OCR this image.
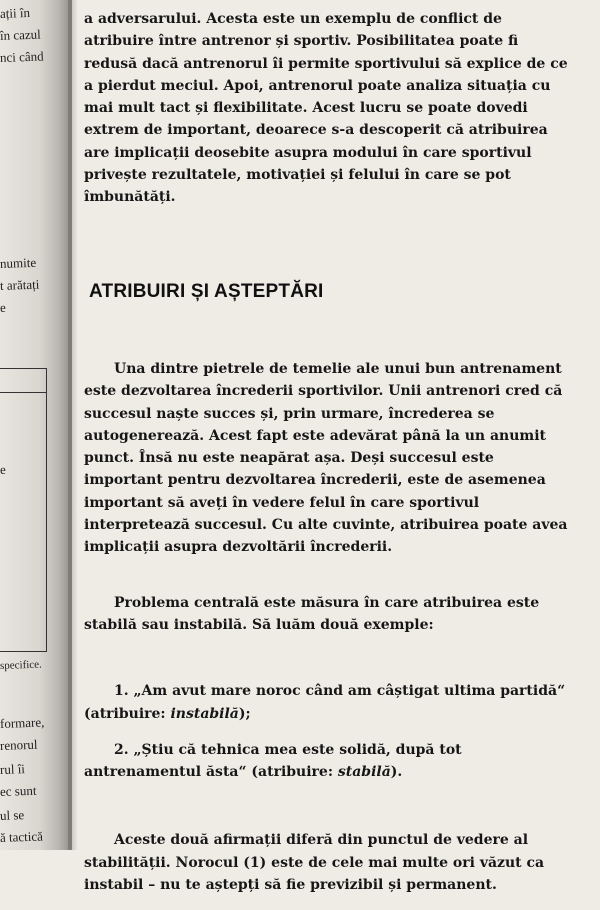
ații în
în cazul
nci când
numite
t arătați
e
e
specifice.
formare,
renorul
rul îi
ec sunt
ul se
ă tactică

a adversarului. Acesta este un exemplu de conflict de atribuire între antrenor și sportiv. Posibilitatea poate fi redusă dacă antrenorul îi permite sportivului să explice de ce a pierdut meciul. Apoi, antrenorul poate analiza situația cu mai mult tact și flexibilitate. Acest lucru se poate dovedi extrem de important, deoarece s-a descoperit că atribuirea are implicații deosebite asupra modului în care sportivul privește rezultatele, motivației și felului în care se pot îmbunătăți.

ATRIBUIRI ȘI AȘTEPTĂRI

Una dintre pietrele de temelie ale unui bun antrenament este dezvoltarea încrederii sportivilor. Unii antrenori cred că succesul naște succes și, prin urmare, încrederea se autogenerează. Acest fapt este adevărat până la un anumit punct. Însă nu este neapărat așa. Deși succesul este important pentru dezvoltarea încrederii, este de asemenea important să aveți în vedere felul în care sportivul interpretează succesul. Cu alte cuvinte, atribuirea poate avea implicații asupra dezvoltării încrederii.

Problema centrală este măsura în care atribuirea este stabilă sau instabilă. Să luăm două exemple:

1. „Am avut mare noroc când am câștigat ultima partidă“ (atribuire: instabilă);

2. „Știu că tehnica mea este solidă, după tot antrenamentul ăsta“ (atribuire: stabilă).

Aceste două afirmații diferă din punctul de vedere al stabilității. Norocul (1) este de cele mai multe ori văzut ca instabil – nu te aștepți să fie previzibil și permanent.
